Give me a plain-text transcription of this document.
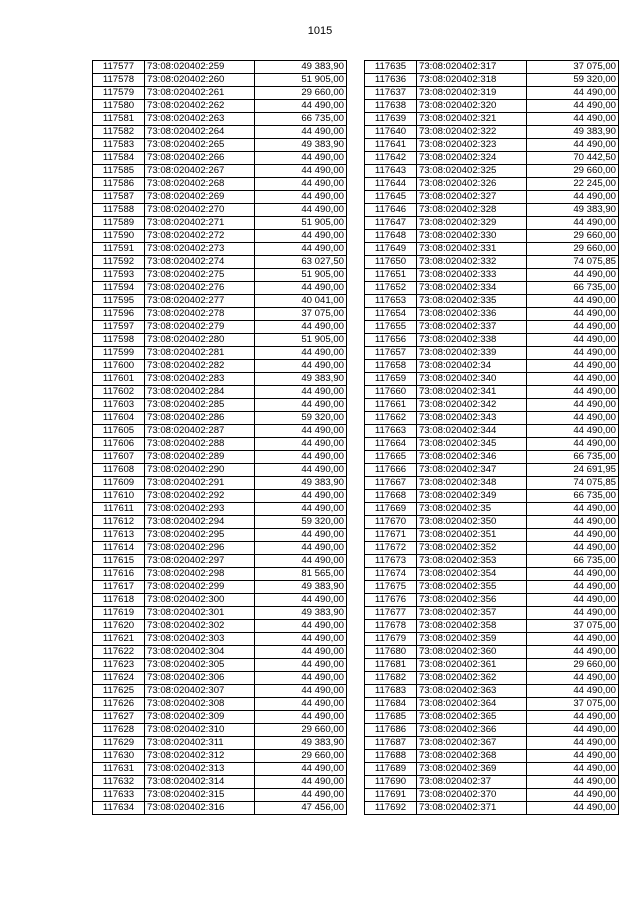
1015
117577	73:08:020402:259	49 383,90
117578	73:08:020402:260	51 905,00
117579	73:08:020402:261	29 660,00
117580	73:08:020402:262	44 490,00
117581	73:08:020402:263	66 735,00
117582	73:08:020402:264	44 490,00
117583	73:08:020402:265	49 383,90
117584	73:08:020402:266	44 490,00
117585	73:08:020402:267	44 490,00
117586	73:08:020402:268	44 490,00
117587	73:08:020402:269	44 490,00
117588	73:08:020402:270	44 490,00
117589	73:08:020402:271	51 905,00
117590	73:08:020402:272	44 490,00
117591	73:08:020402:273	44 490,00
117592	73:08:020402:274	63 027,50
117593	73:08:020402:275	51 905,00
117594	73:08:020402:276	44 490,00
117595	73:08:020402:277	40 041,00
117596	73:08:020402:278	37 075,00
117597	73:08:020402:279	44 490,00
117598	73:08:020402:280	51 905,00
117599	73:08:020402:281	44 490,00
117600	73:08:020402:282	44 490,00
117601	73:08:020402:283	49 383,90
117602	73:08:020402:284	44 490,00
117603	73:08:020402:285	44 490,00
117604	73:08:020402:286	59 320,00
117605	73:08:020402:287	44 490,00
117606	73:08:020402:288	44 490,00
117607	73:08:020402:289	44 490,00
117608	73:08:020402:290	44 490,00
117609	73:08:020402:291	49 383,90
117610	73:08:020402:292	44 490,00
117611	73:08:020402:293	44 490,00
117612	73:08:020402:294	59 320,00
117613	73:08:020402:295	44 490,00
117614	73:08:020402:296	44 490,00
117615	73:08:020402:297	44 490,00
117616	73:08:020402:298	81 565,00
117617	73:08:020402:299	49 383,90
117618	73:08:020402:300	44 490,00
117619	73:08:020402:301	49 383,90
117620	73:08:020402:302	44 490,00
117621	73:08:020402:303	44 490,00
117622	73:08:020402:304	44 490,00
117623	73:08:020402:305	44 490,00
117624	73:08:020402:306	44 490,00
117625	73:08:020402:307	44 490,00
117626	73:08:020402:308	44 490,00
117627	73:08:020402:309	44 490,00
117628	73:08:020402:310	29 660,00
117629	73:08:020402:311	49 383,90
117630	73:08:020402:312	29 660,00
117631	73:08:020402:313	44 490,00
117632	73:08:020402:314	44 490,00
117633	73:08:020402:315	44 490,00
117634	73:08:020402:316	47 456,00
117635	73:08:020402:317	37 075,00
117636	73:08:020402:318	59 320,00
117637	73:08:020402:319	44 490,00
117638	73:08:020402:320	44 490,00
117639	73:08:020402:321	44 490,00
117640	73:08:020402:322	49 383,90
117641	73:08:020402:323	44 490,00
117642	73:08:020402:324	70 442,50
117643	73:08:020402:325	29 660,00
117644	73:08:020402:326	22 245,00
117645	73:08:020402:327	44 490,00
117646	73:08:020402:328	49 383,90
117647	73:08:020402:329	44 490,00
117648	73:08:020402:330	29 660,00
117649	73:08:020402:331	29 660,00
117650	73:08:020402:332	74 075,85
117651	73:08:020402:333	44 490,00
117652	73:08:020402:334	66 735,00
117653	73:08:020402:335	44 490,00
117654	73:08:020402:336	44 490,00
117655	73:08:020402:337	44 490,00
117656	73:08:020402:338	44 490,00
117657	73:08:020402:339	44 490,00
117658	73:08:020402:34	44 490,00
117659	73:08:020402:340	44 490,00
117660	73:08:020402:341	44 490,00
117661	73:08:020402:342	44 490,00
117662	73:08:020402:343	44 490,00
117663	73:08:020402:344	44 490,00
117664	73:08:020402:345	44 490,00
117665	73:08:020402:346	66 735,00
117666	73:08:020402:347	24 691,95
117667	73:08:020402:348	74 075,85
117668	73:08:020402:349	66 735,00
117669	73:08:020402:35	44 490,00
117670	73:08:020402:350	44 490,00
117671	73:08:020402:351	44 490,00
117672	73:08:020402:352	44 490,00
117673	73:08:020402:353	66 735,00
117674	73:08:020402:354	44 490,00
117675	73:08:020402:355	44 490,00
117676	73:08:020402:356	44 490,00
117677	73:08:020402:357	44 490,00
117678	73:08:020402:358	37 075,00
117679	73:08:020402:359	44 490,00
117680	73:08:020402:360	44 490,00
117681	73:08:020402:361	29 660,00
117682	73:08:020402:362	44 490,00
117683	73:08:020402:363	44 490,00
117684	73:08:020402:364	37 075,00
117685	73:08:020402:365	44 490,00
117686	73:08:020402:366	44 490,00
117687	73:08:020402:367	44 490,00
117688	73:08:020402:368	44 490,00
117689	73:08:020402:369	44 490,00
117690	73:08:020402:37	44 490,00
117691	73:08:020402:370	44 490,00
117692	73:08:020402:371	44 490,00
